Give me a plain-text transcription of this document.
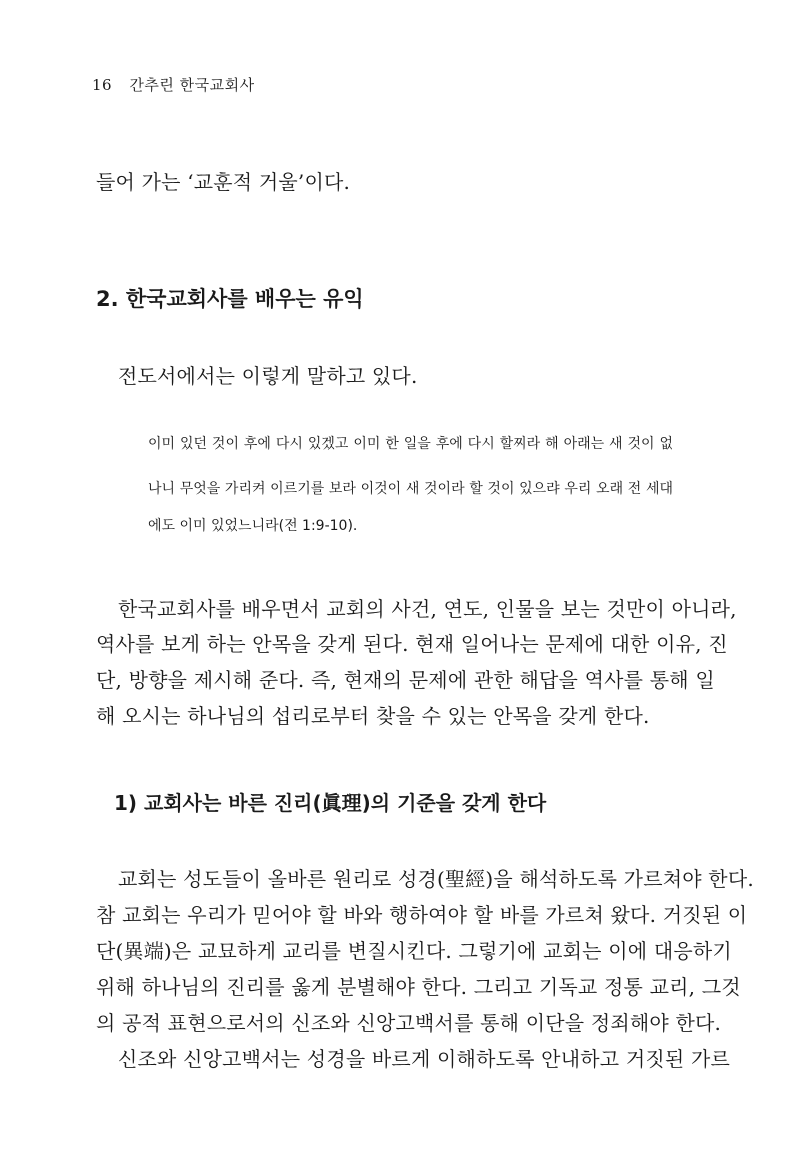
16 간추린 한국교회사
들어 가는 ‘교훈적 거울’이다.
2. 한국교회사를 배우는 유익
전도서에서는 이렇게 말하고 있다.
이미 있던 것이 후에 다시 있겠고 이미 한 일을 후에 다시 할찌라 해 아래는 새 것이 없
나니 무엇을 가리켜 이르기를 보라 이것이 새 것이라 할 것이 있으랴 우리 오래 전 세대
에도 이미 있었느니라(전 1:9-10).
한국교회사를 배우면서 교회의 사건, 연도, 인물을 보는 것만이 아니라,
역사를 보게 하는 안목을 갖게 된다. 현재 일어나는 문제에 대한 이유, 진
단, 방향을 제시해 준다. 즉, 현재의 문제에 관한 해답을 역사를 통해 일
해 오시는 하나님의 섭리로부터 찾을 수 있는 안목을 갖게 한다.
1) 교회사는 바른 진리(眞理)의 기준을 갖게 한다
교회는 성도들이 올바른 원리로 성경(聖經)을 해석하도록 가르쳐야 한다.
참 교회는 우리가 믿어야 할 바와 행하여야 할 바를 가르쳐 왔다. 거짓된 이
단(異端)은 교묘하게 교리를 변질시킨다. 그렇기에 교회는 이에 대응하기
위해 하나님의 진리를 옳게 분별해야 한다. 그리고 기독교 정통 교리, 그것
의 공적 표현으로서의 신조와 신앙고백서를 통해 이단을 정죄해야 한다.
신조와 신앙고백서는 성경을 바르게 이해하도록 안내하고 거짓된 가르
